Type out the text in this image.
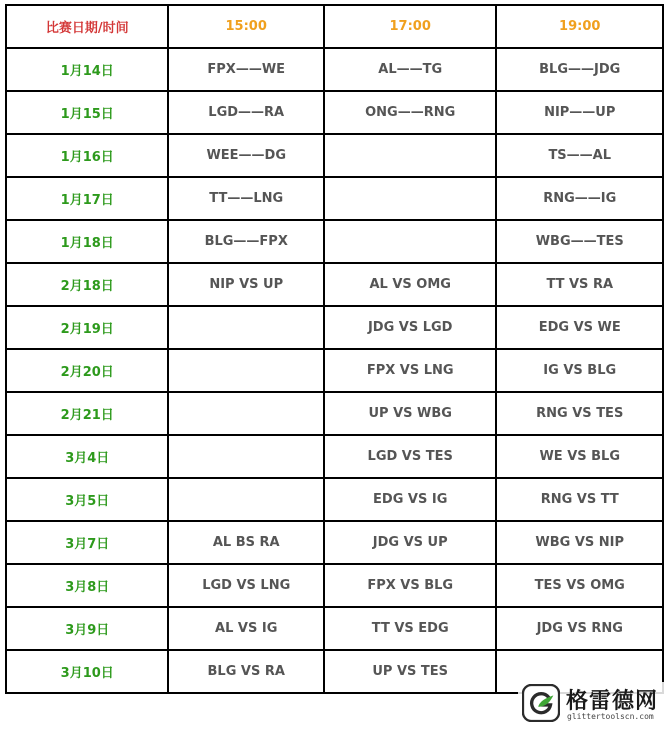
比赛日期/时间	15:00	17:00	19:00
1月14日	FPX——WE	AL——TG	BLG——JDG
1月15日	LGD——RA	ONG——RNG	NIP——UP
1月16日	WEE——DG		TS——AL
1月17日	TT——LNG		RNG——IG
1月18日	BLG——FPX		WBG——TES
2月18日	NIP VS UP	AL VS OMG	TT VS RA
2月19日		JDG VS LGD	EDG VS WE
2月20日		FPX VS LNG	IG VS BLG
2月21日		UP VS WBG	RNG VS TES
3月4日		LGD VS TES	WE VS BLG
3月5日		EDG VS IG	RNG VS TT
3月7日	AL BS RA	JDG VS UP	WBG VS NIP
3月8日	LGD VS LNG	FPX VS BLG	TES VS OMG
3月9日	AL VS IG	TT VS EDG	JDG VS RNG
3月10日	BLG VS RA	UP VS TES	
格雷德网
glittertoolscn.com
